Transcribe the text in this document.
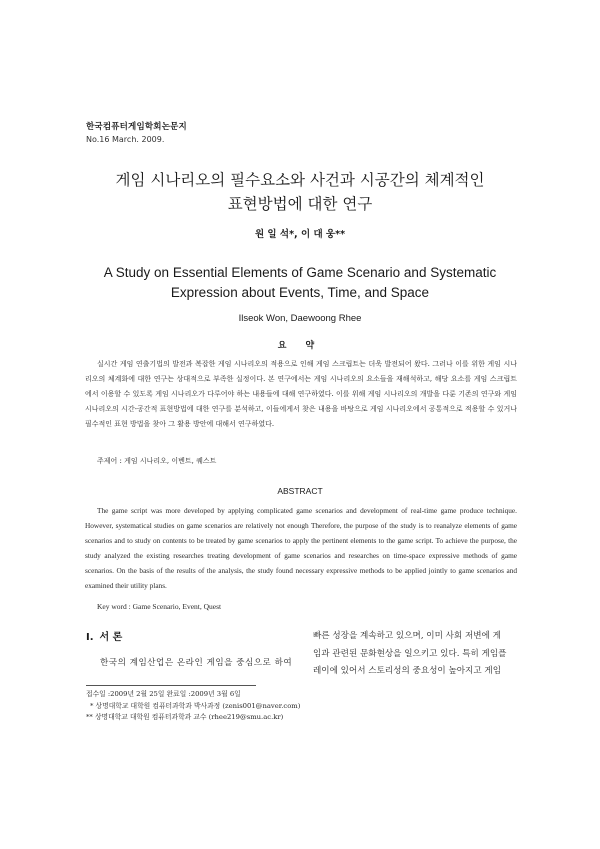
한국컴퓨터게임학회논문지
No.16 March. 2009.
게임 시나리오의 필수요소와 사건과 시공간의 체계적인
표현방법에 대한 연구
원 일 석*, 이 대 웅**
A Study on Essential Elements of Game Scenario and Systematic
Expression about Events, Time, and Space
Ilseok Won, Daewoong Rhee
요 약
실시간 게임 연출기법의 발전과 복잡한 게임 시나리오의 적용으로 인해 게임 스크립트는 더욱 발전되어 왔다. 그러나 이를 위한 게임 시나리오의 체계화에 대한 연구는 상대적으로 부족한 실정이다. 본 연구에서는 게임 시나리오의 요소들을 재해석하고, 해당 요소를 게임 스크립트에서 이용할 수 있도록 게임 시나리오가 다루어야 하는 내용들에 대해 연구하였다. 이를 위해 게임 시나리오의 개발을 다룬 기존의 연구와 게임 시나리오의 시간-공간적 표현방법에 대한 연구를 분석하고, 이들에게서 찾은 내용을 바탕으로 게임 시나리오에서 공통적으로 적용할 수 있거나 필수적인 표현 방법을 찾아 그 활용 방안에 대해서 연구하였다.
주제어 : 게임 시나리오, 이벤트, 퀘스트
ABSTRACT
The game script was more developed by applying complicated game scenarios and development of real-time game produce technique. However, systematical studies on game scenarios are relatively not enough Therefore, the purpose of the study is to reanalyze elements of game scenarios and to study on contents to be treated by game scenarios to apply the pertinent elements to the game script. To achieve the purpose, the study analyzed the existing researches treating development of game scenarios and researches on time-space expressive methods of game scenarios. On the basis of the results of the analysis, the study found necessary expressive methods to be applied jointly to game scenarios and examined their utility plans.
Key word : Game Scenario, Event, Quest
Ⅰ. 서 론
한국의 계임산업은 온라인 게임을 중심으로 하여
빠른 성장을 계속하고 있으며, 이미 사회 저변에 게
임과 관련된 문화현상을 일으키고 있다. 특히 게임플
레이에 있어서 스토리성의 중요성이 높아지고 게임
접수일 :2009년 2월 25일 완료일 :2009년 3월 6일
* 상명대학교 대학원 컴퓨터과학과 박사과정 (zenis001@naver.com)
** 상명대학교 대학원 컴퓨터과학과 교수 (rhee219@smu.ac.kr)
